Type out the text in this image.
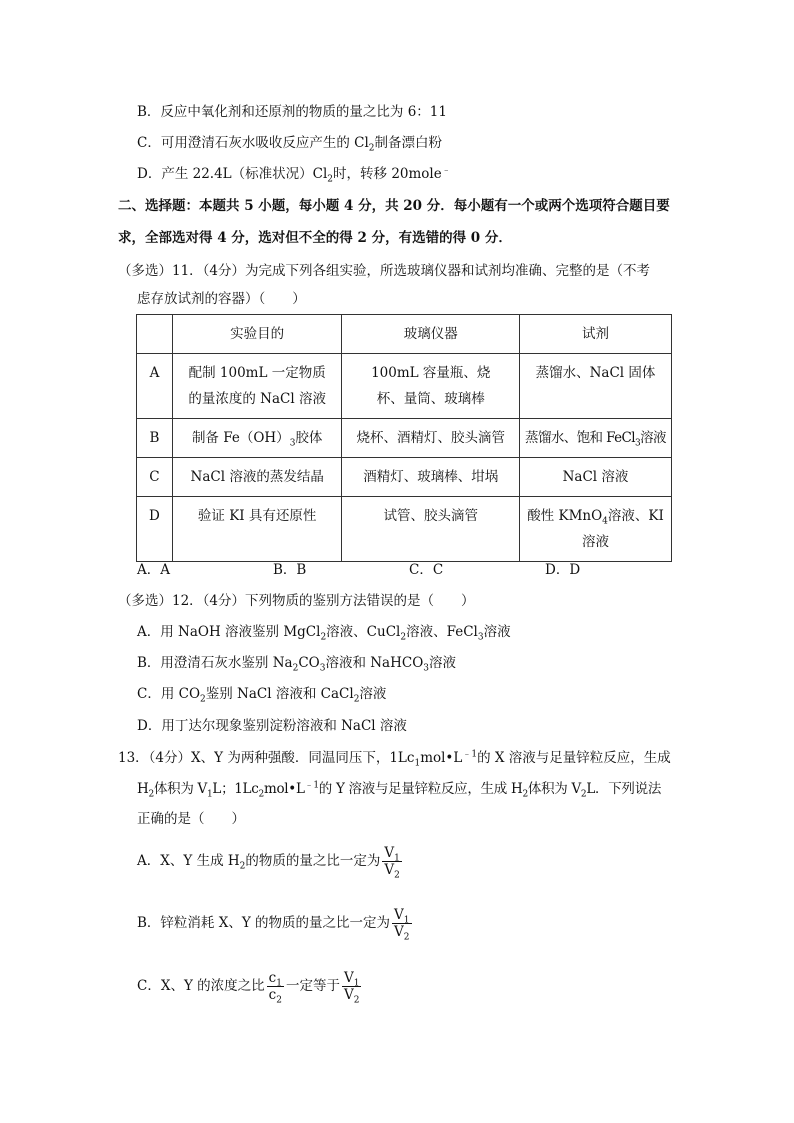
B．反应中氧化剂和还原剂的物质的量之比为 6：11
C．可用澄清石灰水吸收反应产生的 $Cl_2$制备漂白粉
D．产生 22.4L（标准状况）$Cl_2$时，转移 20mole﹣
二、选择题：本题共 5 小题，每小题 4 分，共 20 分．每小题有一个或两个选项符合题目要
求，全部选对得 4 分，选对但不全的得 2 分，有选错的得 0 分．
（多选）11．（4分）为完成下列各组实验，所选玻璃仪器和试剂均准确、完整的是（不考
虑存放试剂的容器）（　　）
	实验目的	玻璃仪器	试剂
A	配制 100mL 一定物质的量浓度的 NaCl 溶液	100mL 容量瓶、烧杯、量筒、玻璃棒	蒸馏水、NaCl 固体
B	制备 $Fe(OH)_3$胶体	烧杯、酒精灯、胶头滴管	蒸馏水、饱和 FeCl$_3$溶液
C	NaCl 溶液的蒸发结晶	酒精灯、玻璃棒、坩埚	NaCl 溶液
D	验证 KI 具有还原性	试管、胶头滴管	酸性 KMnO$_4$溶液、KI 溶液
A．A	B．B	C．C	D．D
（多选）12．（4分）下列物质的鉴别方法错误的是（　　）
A．用 NaOH 溶液鉴别 MgCl$_2$溶液、CuCl$_2$溶液、FeCl$_3$溶液
B．用澄清石灰水鉴别 $Na_2CO_3$溶液和 NaHCO$_3$溶液
C．用 $CO_2$鉴别 NaCl 溶液和 CaCl$_2$溶液
D．用丁达尔现象鉴别淀粉溶液和 NaCl 溶液
13．（4分）X、Y 为两种强酸．同温同压下，$1Lc_1mol•L^{﹣1}$的 X 溶液与足量锌粒反应，生成
$H_2$体积为 $V_1L$；$1Lc_2mol•L^{﹣1}$的 Y 溶液与足量锌粒反应，生成 $H_2$体积为 $V_2L$．下列说法
正确的是（　　）
A．X、Y 生成 $H_2$的物质的量之比一定为 $\frac{V_1}{V_2}$
B．锌粒消耗 X、Y 的物质的量之比一定为 $\frac{V_1}{V_2}$
C．X、Y 的浓度之比 $\frac{c_1}{c_2}$ 一定等于 $\frac{V_1}{V_2}$
